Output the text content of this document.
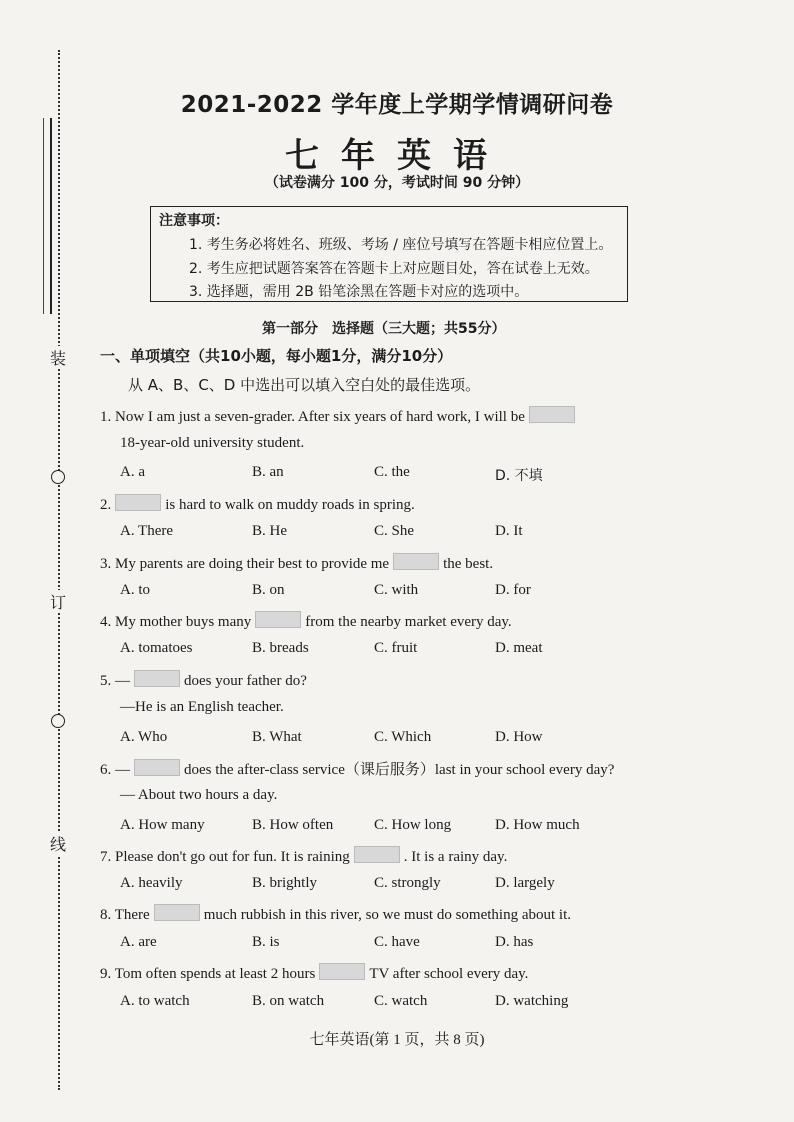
装
订
线
2021-2022 学年度上学期学情调研问卷
七年英语
（试卷满分 100 分，考试时间 90 分钟）
注意事项：
1. 考生务必将姓名、班级、考场 / 座位号填写在答题卡相应位置上。
2. 考生应把试题答案答在答题卡上对应题目处，答在试卷上无效。
3. 选择题，需用 2B 铅笔涂黑在答题卡对应的选项中。
第一部分　选择题（三大题；共55分）
一、单项填空（共10小题，每小题1分，满分10分）
从 A、B、C、D 中选出可以填入空白处的最佳选项。
1. Now I am just a seven-grader. After six years of hard work, I will be
18-year-old university student.
A. a	B. an	C. the	D. 不填
2.	is hard to walk on muddy roads in spring.
A. There	B. He	C. She	D. It
3. My parents are doing their best to provide me	the best.
A. to	B. on	C. with	D. for
4. My mother buys many	from the nearby market every day.
A. tomatoes	B. breads	C. fruit	D. meat
5. —	does your father do?
—He is an English teacher.
A. Who	B. What	C. Which	D. How
6. —	does the after-class service（课后服务）last in your school every day?
— About two hours a day.
A. How many	B. How often	C. How long	D. How much
7. Please don't go out for fun. It is raining	. It is a rainy day.
A. heavily	B. brightly	C. strongly	D. largely
8. There	much rubbish in this river, so we must do something about it.
A. are	B. is	C. have	D. has
9. Tom often spends at least 2 hours	TV after school every day.
A. to watch	B. on watch	C. watch	D. watching
七年英语(第 1 页，共 8 页)
